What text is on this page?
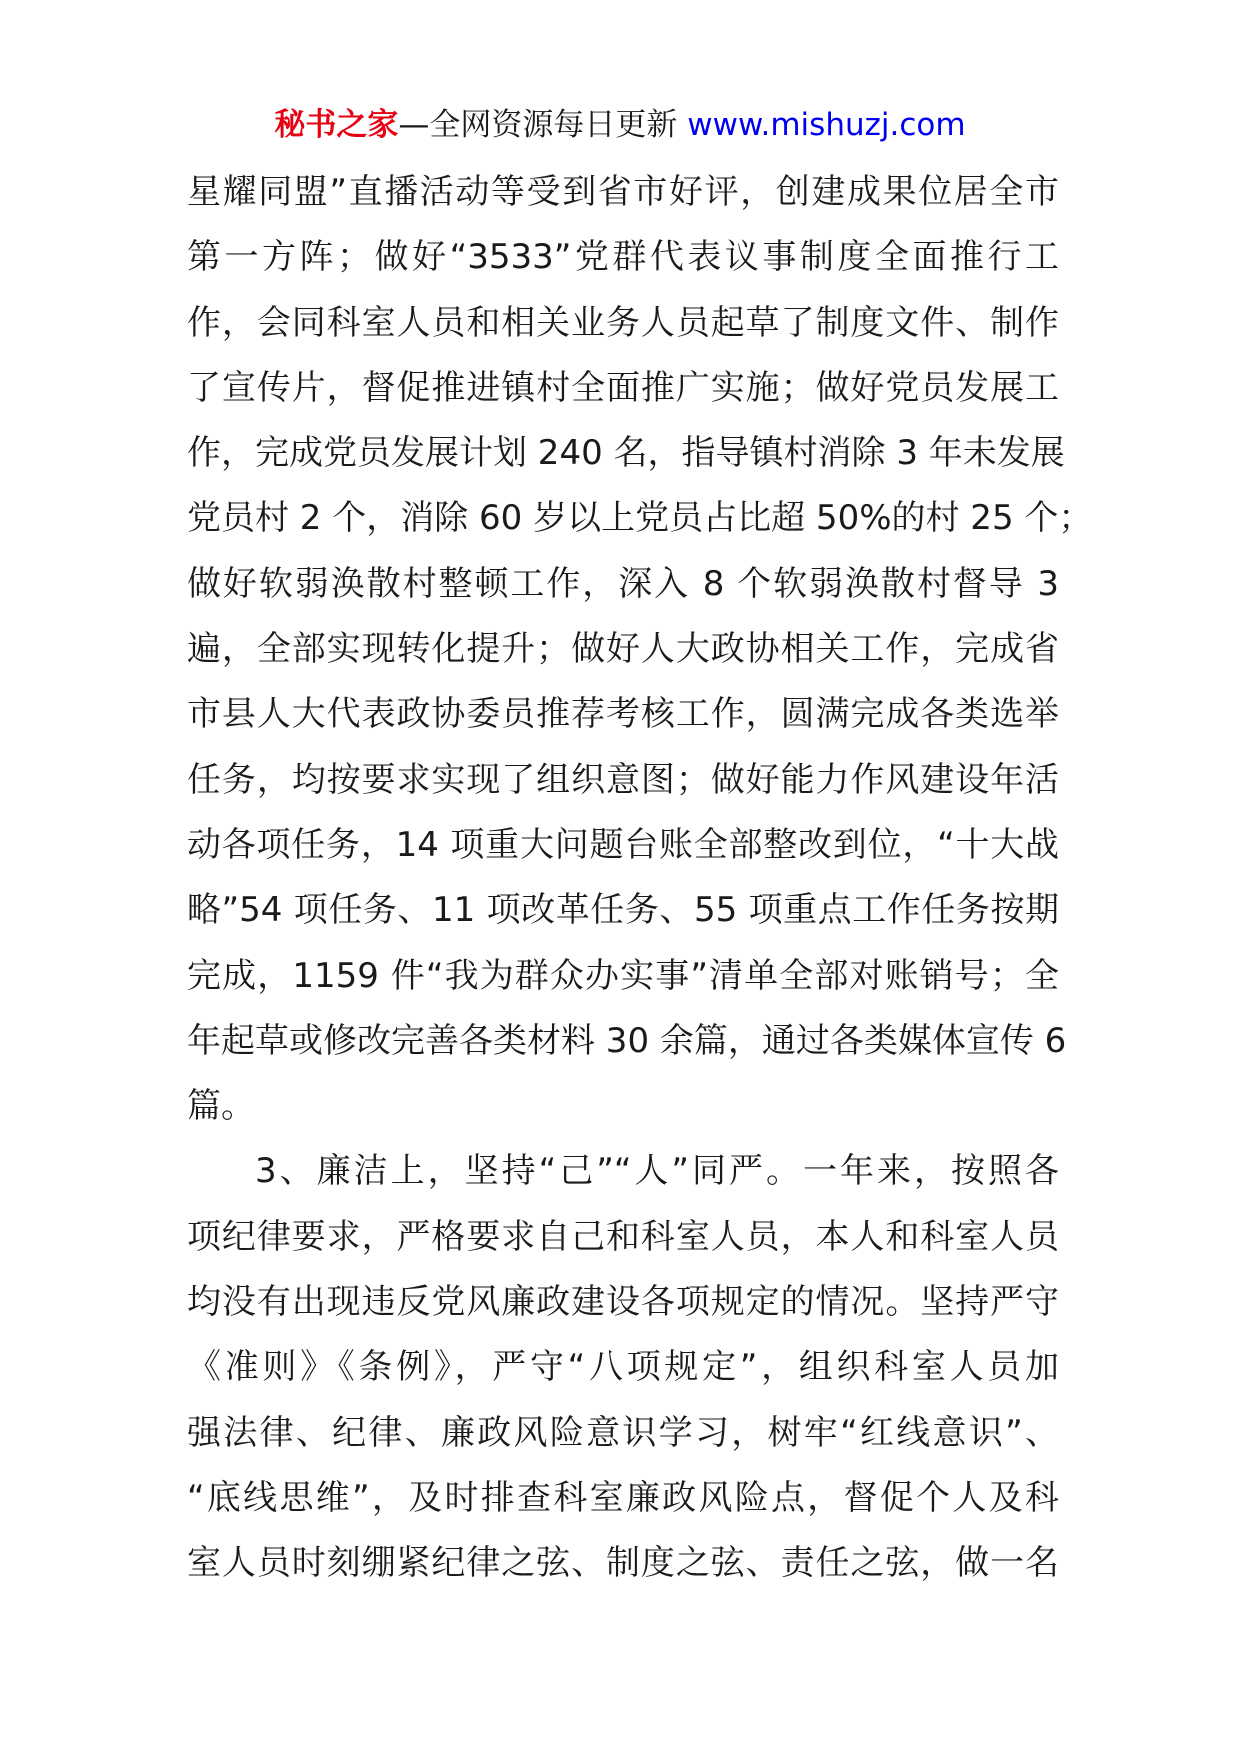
秘书之家—全网资源每日更新 www.mishuzj.com
星耀同盟”直播活动等受到省市好评，创建成果位居全市
第一方阵；做好“3533”党群代表议事制度全面推行工
作，会同科室人员和相关业务人员起草了制度文件、制作
了宣传片，督促推进镇村全面推广实施；做好党员发展工
作，完成党员发展计划 240 名，指导镇村消除 3 年未发展
党员村 2 个，消除 60 岁以上党员占比超 50%的村 25 个；
做好软弱涣散村整顿工作，深入 8 个软弱涣散村督导 3
遍，全部实现转化提升；做好人大政协相关工作，完成省
市县人大代表政协委员推荐考核工作，圆满完成各类选举
任务，均按要求实现了组织意图；做好能力作风建设年活
动各项任务，14 项重大问题台账全部整改到位，“十大战
略”54 项任务、11 项改革任务、55 项重点工作任务按期
完成，1159 件“我为群众办实事”清单全部对账销号；全
年起草或修改完善各类材料 30 余篇，通过各类媒体宣传 6
篇。
3、廉洁上，坚持“己”“人”同严。一年来，按照各
项纪律要求，严格要求自己和科室人员，本人和科室人员
均没有出现违反党风廉政建设各项规定的情况。坚持严守
《准则》《条例》，严守“八项规定”，组织科室人员加
强法律、纪律、廉政风险意识学习，树牢“红线意识”、
“底线思维”，及时排查科室廉政风险点，督促个人及科
室人员时刻绷紧纪律之弦、制度之弦、责任之弦，做一名
